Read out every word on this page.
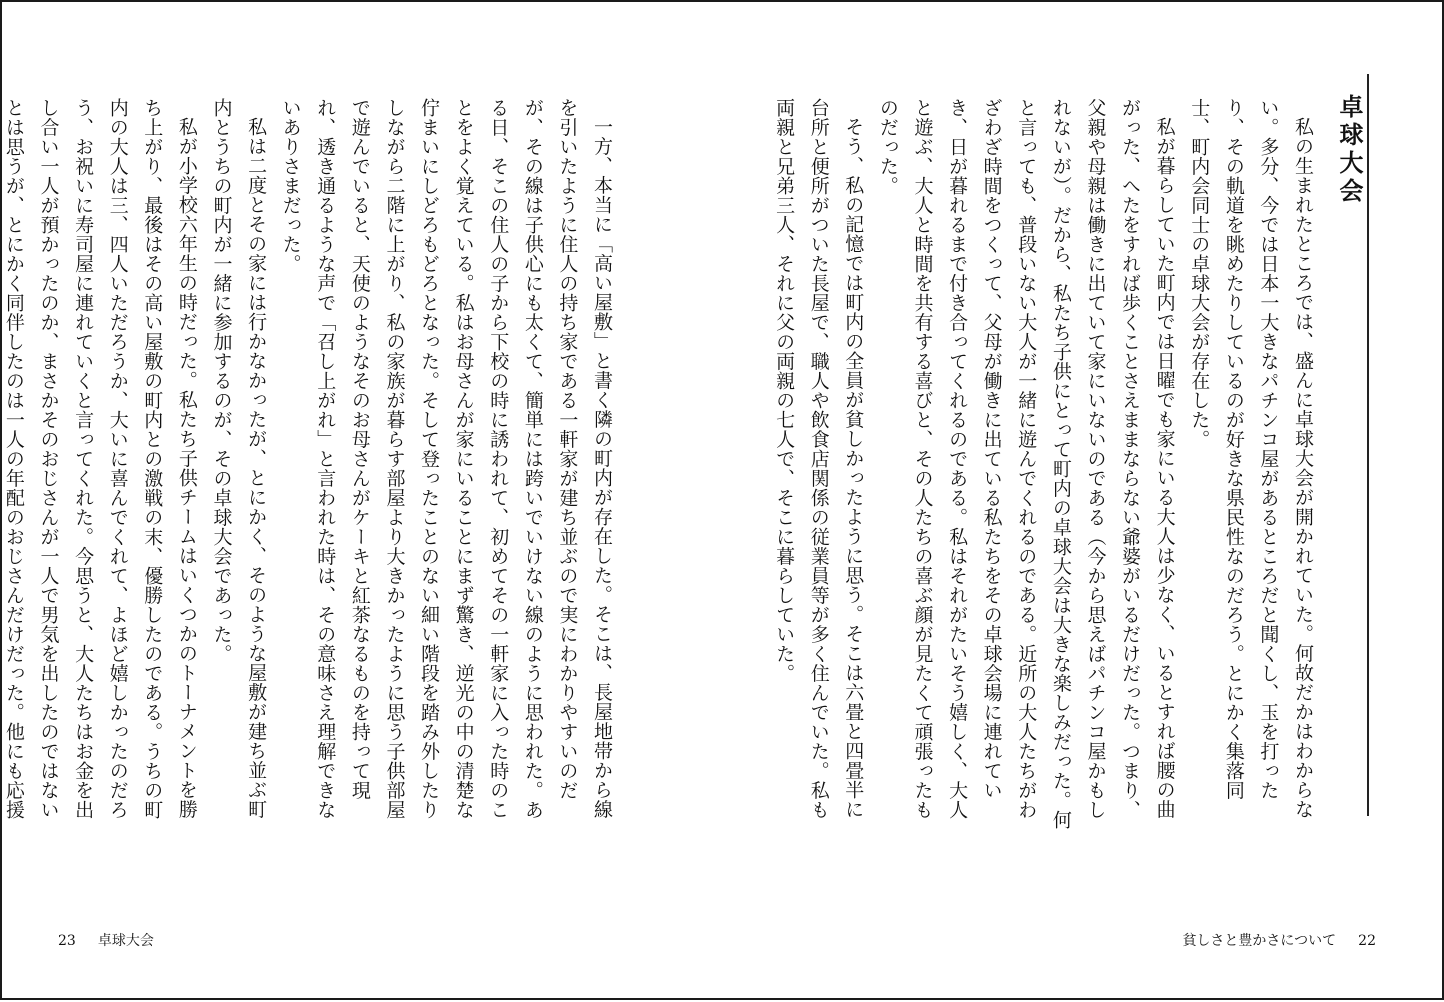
卓球大会

私の生まれたところでは、盛んに卓球大会が開かれていた。何故だかはわからない。多分、今では日本一大きなパチンコ屋があるところだと聞くし、玉を打ったり、その軌道を眺めたりしているのが好きな県民性なのだろう。とにかく集落同士、町内会同士の卓球大会が存在した。

私が暮らしていた町内では日曜でも家にいる大人は少なく、いるとすれば腰の曲がった、へたをすれば歩くことさえままならない爺婆がいるだけだった。つまり、父親や母親は働きに出ていて家にいないのである（今から思えばパチンコ屋かもしれないが）。だから、私たち子供にとって町内の卓球大会は大きな楽しみだった。何と言っても、普段いない大人が一緒に遊んでくれるのである。近所の大人たちがわざわざ時間をつくって、父母が働きに出ている私たちをその卓球会場に連れていき、日が暮れるまで付き合ってくれるのである。私はそれがたいそう嬉しく、大人と遊ぶ、大人と時間を共有する喜びと、その人たちの喜ぶ顔が見たくて頑張ったものだった。

そう、私の記憶では町内の全員が貧しかったように思う。そこは六畳と四畳半に台所と便所がついた長屋で、職人や飲食店関係の従業員等が多く住んでいた。私も両親と兄弟三人、それに父の両親の七人で、そこに暮らしていた。

貧しさと豊かさについて 22

一方、本当に「高い屋敷」と書く隣の町内が存在した。そこは、長屋地帯から線を引いたように住人の持ち家である一軒家が建ち並ぶので実にわかりやすいのだが、その線は子供心にも太くて、簡単には跨いでいけない線のように思われた。ある日、そこの住人の子から下校の時に誘われて、初めてその一軒家に入った時のことをよく覚えている。私はお母さんが家にいることにまず驚き、逆光の中の清楚な佇まいにしどろもどろとなった。そして登ったことのない細い階段を踏み外したりしながら二階に上がり、私の家族が暮らす部屋より大きかったように思う子供部屋で遊んでいると、天使のようなそのお母さんがケーキと紅茶なるものを持って現れ、透き通るような声で「召し上がれ」と言われた時は、その意味さえ理解できないありさまだった。

私は二度とその家には行かなかったが、とにかく、そのような屋敷が建ち並ぶ町内とうちの町内が一緒に参加するのが、その卓球大会であった。

私が小学校六年生の時だった。私たち子供チームはいくつかのトーナメントを勝ち上がり、最後はその高い屋敷の町内との激戦の末、優勝したのである。うちの町内の大人は三、四人いただろうか、大いに喜んでくれて、よほど嬉しかったのだろう、お祝いに寿司屋に連れていくと言ってくれた。今思うと、大人たちはお金を出し合い一人が預かったのか、まさかそのおじさんが一人で男気を出したのではないとは思うが、とにかく同伴したのは一人の年配のおじさんだけだった。他にも応援

23 卓球大会
